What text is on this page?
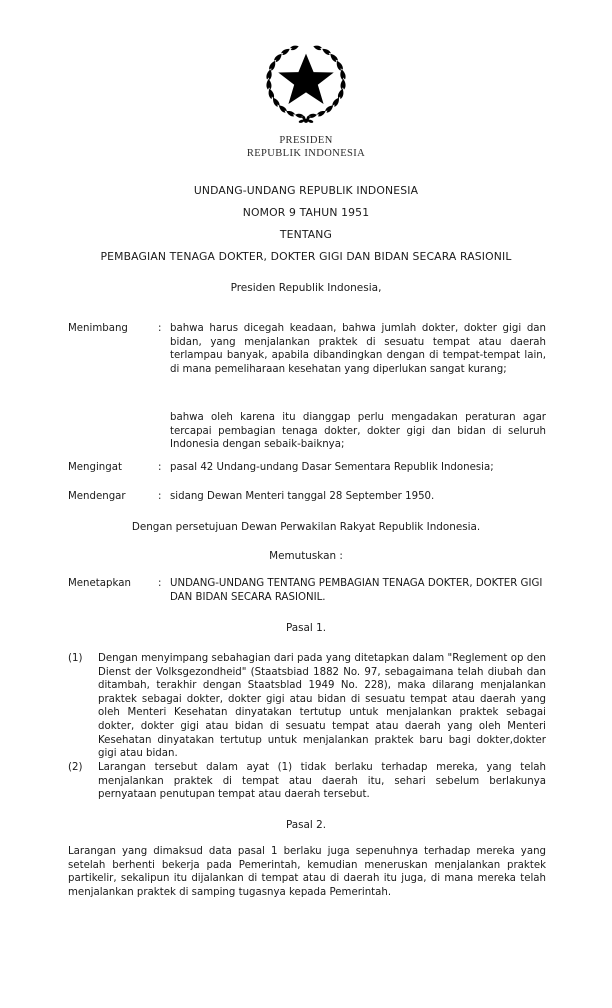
PRESIDEN
REPUBLIK INDONESIA
UNDANG-UNDANG REPUBLIK INDONESIA
NOMOR 9 TAHUN 1951
TENTANG
PEMBAGIAN TENAGA DOKTER, DOKTER GIGI DAN BIDAN SECARA RASIONIL
Presiden Republik Indonesia,
Menimbang	: bahwa harus dicegah keadaan, bahwa jumlah dokter, dokter gigi dan bidan, yang menjalankan praktek di sesuatu tempat atau daerah terlampau banyak, apabila dibandingkan dengan di tempat-tempat lain, di mana pemeliharaan kesehatan yang diperlukan sangat kurang;
bahwa oleh karena itu dianggap perlu mengadakan peraturan agar tercapai pembagian tenaga dokter, dokter gigi dan bidan di seluruh Indonesia dengan sebaik-baiknya;
Mengingat	: pasal 42 Undang-undang Dasar Sementara Republik Indonesia;
Mendengar	: sidang Dewan Menteri tanggal 28 September 1950.
Dengan persetujuan Dewan Perwakilan Rakyat Republik Indonesia.
Memutuskan :
Menetapkan	: UNDANG-UNDANG TENTANG PEMBAGIAN TENAGA DOKTER, DOKTER GIGI DAN BIDAN SECARA RASIONIL.
Pasal 1.
(1)	Dengan menyimpang sebahagian dari pada yang ditetapkan dalam "Reglement op den Dienst der Volksgezondheid" (Staatsbiad 1882 No. 97, sebagaimana telah diubah dan ditambah, terakhir dengan Staatsblad 1949 No. 228), maka dilarang menjalankan praktek sebagai dokter, dokter gigi atau bidan di sesuatu tempat atau daerah yang oleh Menteri Kesehatan dinyatakan tertutup untuk menjalankan praktek sebagai dokter, dokter gigi atau bidan di sesuatu tempat atau daerah yang oleh Menteri Kesehatan dinyatakan tertutup untuk menjalankan praktek baru bagi dokter,dokter gigi atau bidan.
(2)	Larangan tersebut dalam ayat (1) tidak berlaku terhadap mereka, yang telah menjalankan praktek di tempat atau daerah itu, sehari sebelum berlakunya pernyataan penutupan tempat atau daerah tersebut.
Pasal 2.
Larangan yang dimaksud data pasal 1 berlaku juga sepenuhnya terhadap mereka yang setelah berhenti bekerja pada Pemerintah, kemudian meneruskan menjalankan praktek partikelir, sekalipun itu dijalankan di tempat atau di daerah itu juga, di mana mereka telah menjalankan praktek di samping tugasnya kepada Pemerintah.
